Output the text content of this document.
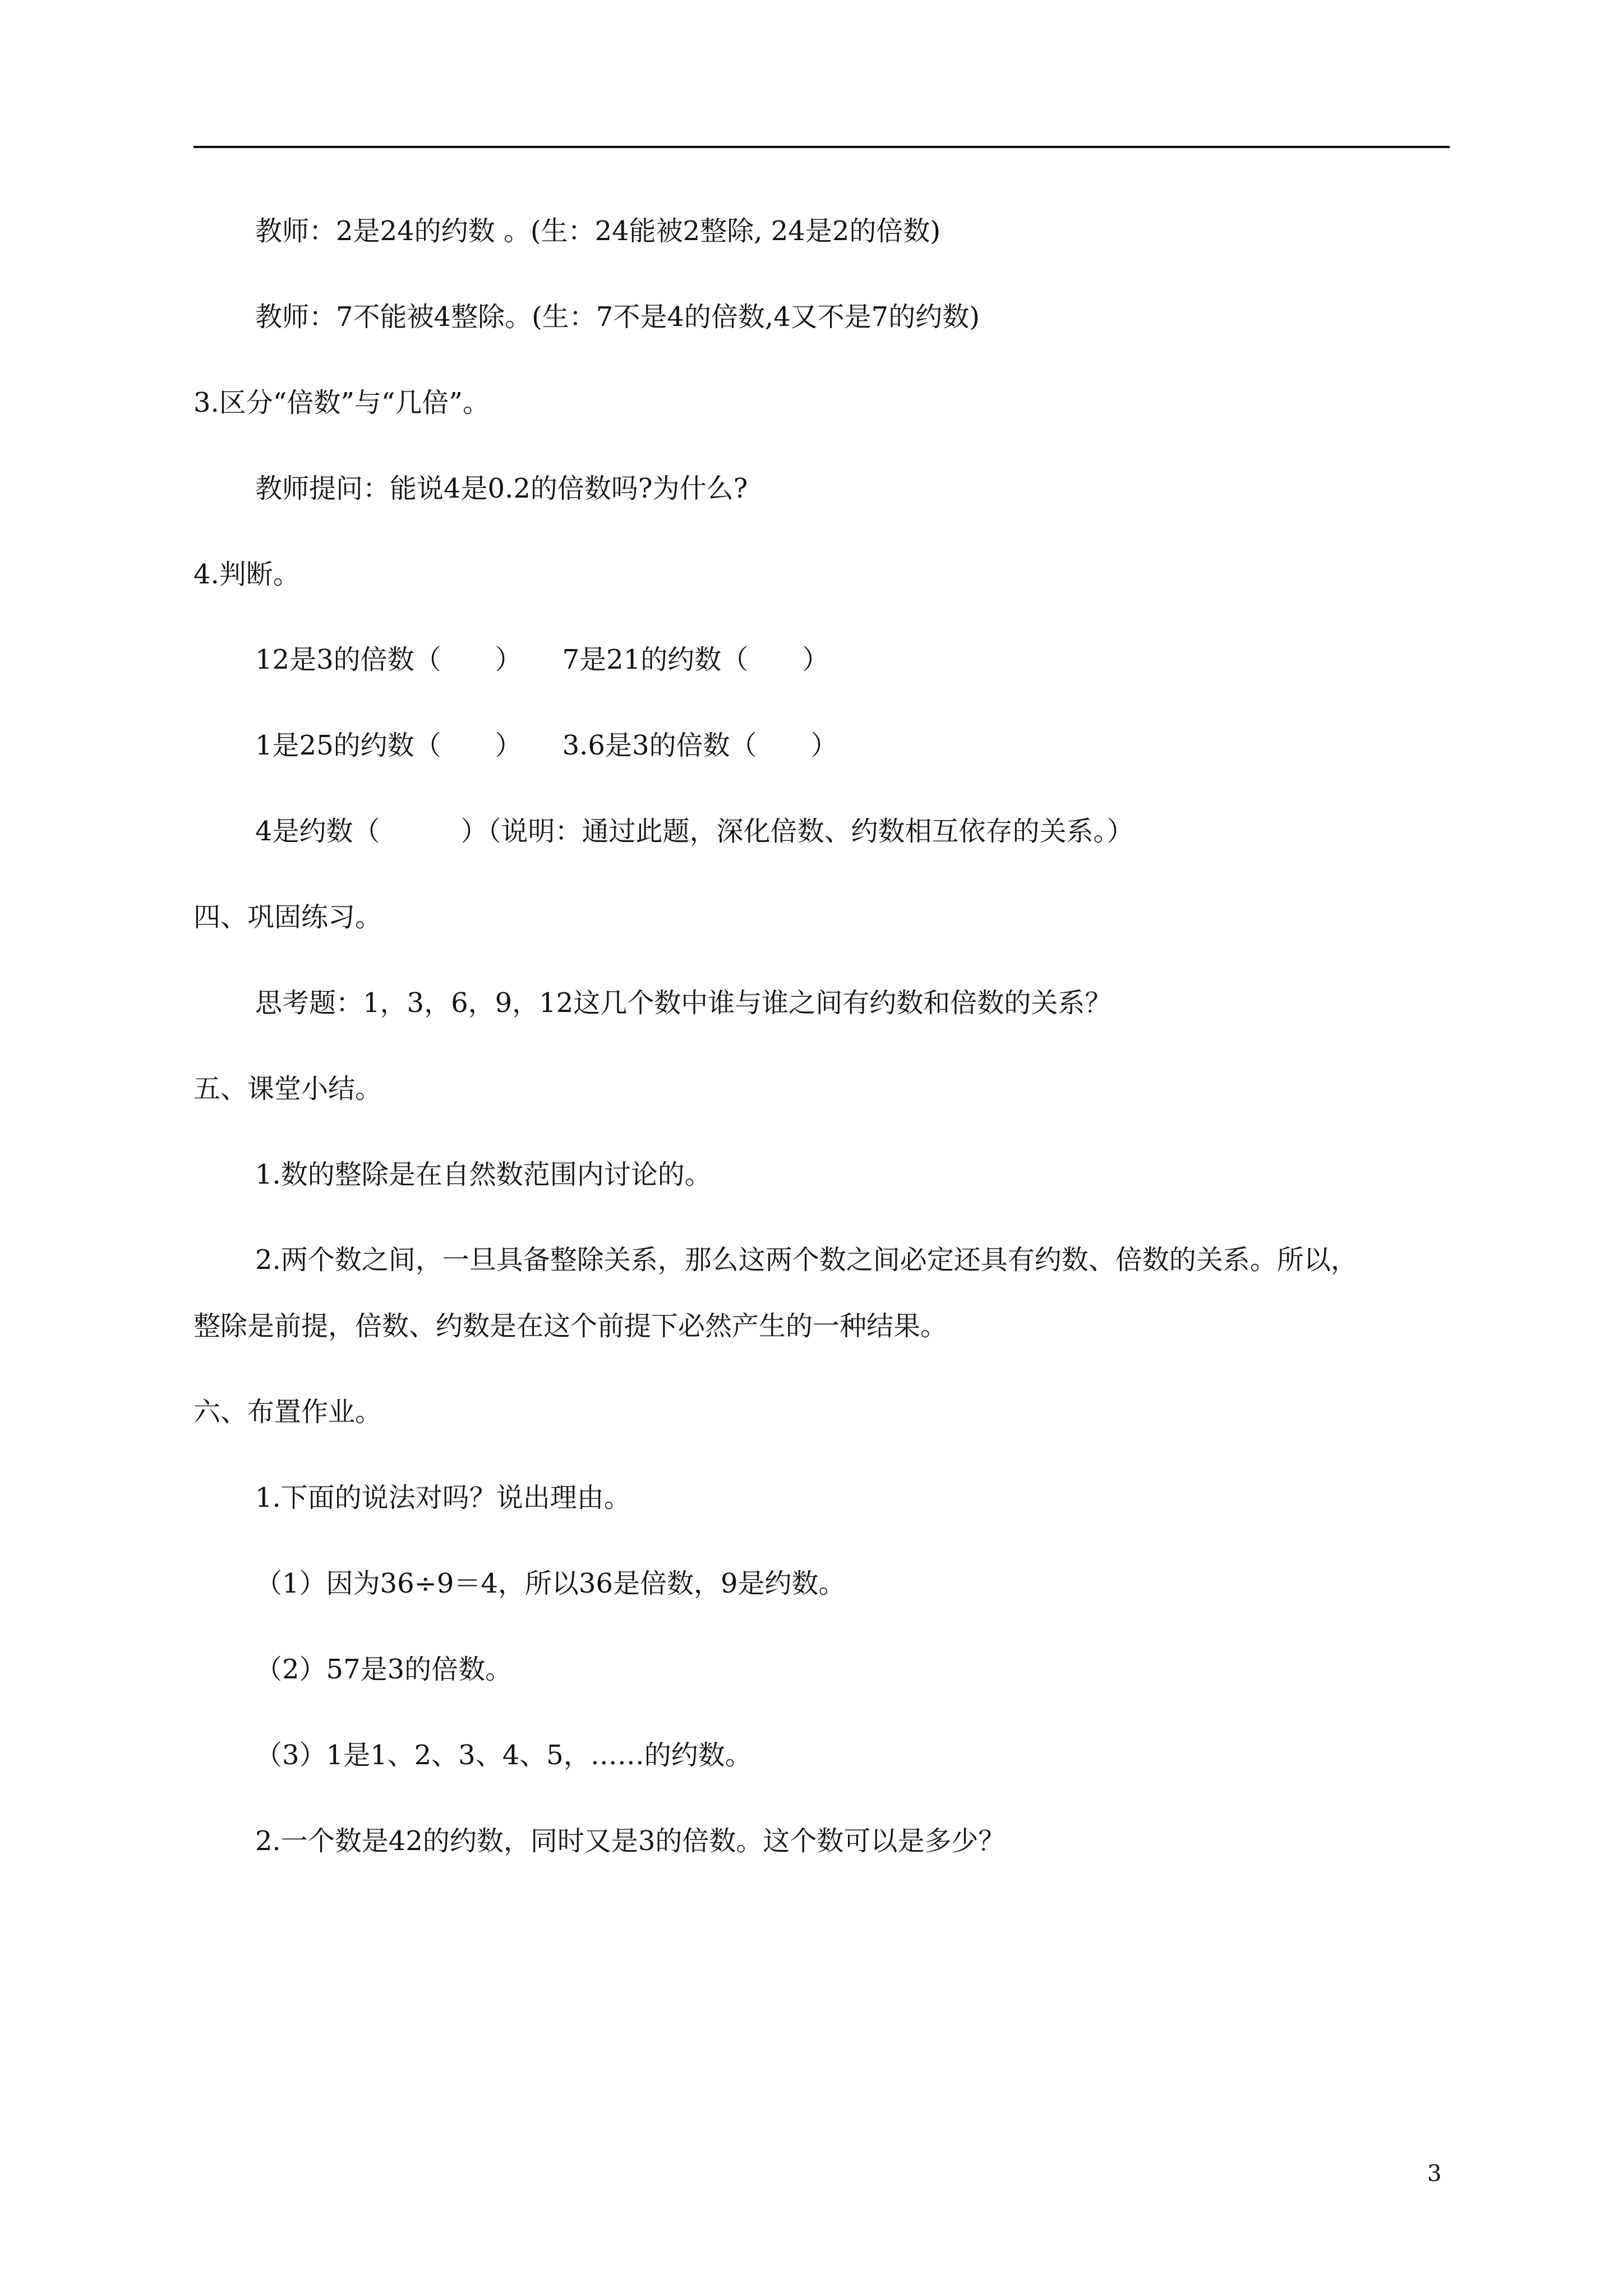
教师：2是24的约数 。(生：24能被2整除, 24是2的倍数)
教师：7不能被4整除。(生：7不是4的倍数,4又不是7的约数)
3.区分“倍数”与“几倍”。
教师提问：能说4是0.2的倍数吗?为什么?
4.判断。
12是3的倍数（　　）　　7是21的约数（　　）
1是25的约数（　　）　　3.6是3的倍数（　　）
4是约数（　　　）（说明：通过此题，深化倍数、约数相互依存的关系。）
四、巩固练习。
思考题：1，3，6，9，12这几个数中谁与谁之间有约数和倍数的关系？
五、课堂小结。
1.数的整除是在自然数范围内讨论的。
2.两个数之间，一旦具备整除关系，那么这两个数之间必定还具有约数、倍数的关系。所以，
整除是前提，倍数、约数是在这个前提下必然产生的一种结果。
六、布置作业。
1.下面的说法对吗？说出理由。
（1）因为36÷9＝4，所以36是倍数，9是约数。
（2）57是3的倍数。
（3）1是1、2、3、4、5，……的约数。
2.一个数是42的约数，同时又是3的倍数。这个数可以是多少？
3
